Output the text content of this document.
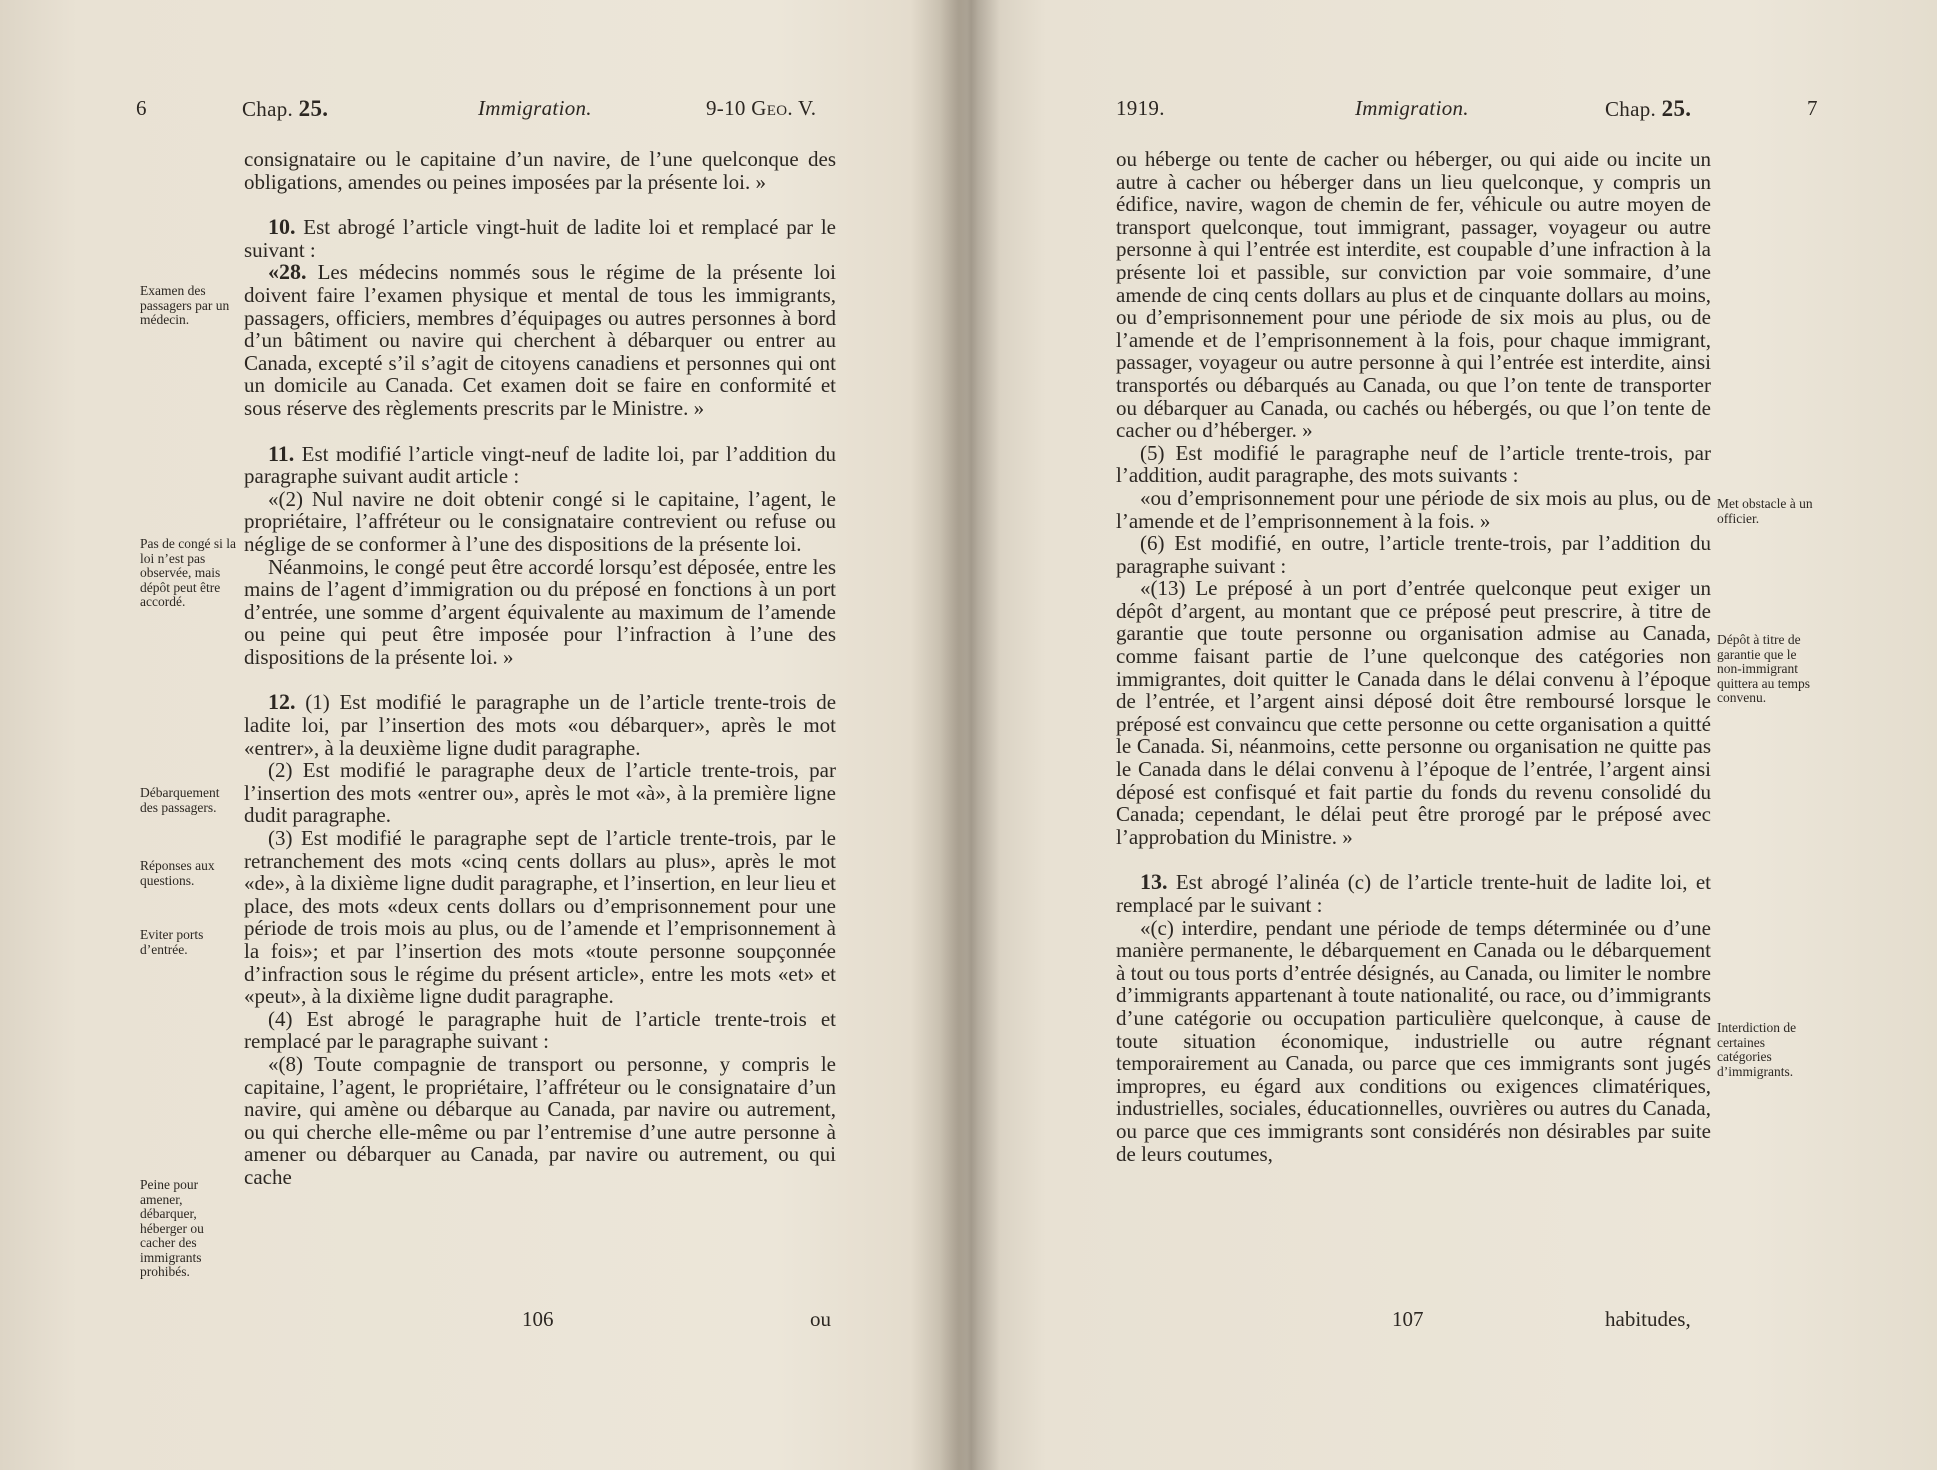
6	Chap. 25.	Immigration.	9-10 Geo. V.

consignataire ou le capitaine d’un navire, de l’une quelconque des obligations, amendes ou peines imposées par la présente loi. »

10. Est abrogé l’article vingt-huit de ladite loi et remplacé par le suivant :

«28. Les médecins nommés sous le régime de la présente loi doivent faire l’examen physique et mental de tous les immigrants, passagers, officiers, membres d’équipages ou autres personnes à bord d’un bâtiment ou navire qui cherchent à débarquer ou entrer au Canada, excepté s’il s’agit de citoyens canadiens et personnes qui ont un domicile au Canada. Cet examen doit se faire en conformité et sous réserve des règlements prescrits par le Ministre. »

11. Est modifié l’article vingt-neuf de ladite loi, par l’addition du paragraphe suivant audit article :

«(2) Nul navire ne doit obtenir congé si le capitaine, l’agent, le propriétaire, l’affréteur ou le consignataire contrevient ou refuse ou néglige de se conformer à l’une des dispositions de la présente loi.

Néanmoins, le congé peut être accordé lorsqu’est déposée, entre les mains de l’agent d’immigration ou du préposé en fonctions à un port d’entrée, une somme d’argent équivalente au maximum de l’amende ou peine qui peut être imposée pour l’infraction à l’une des dispositions de la présente loi. »

12. (1) Est modifié le paragraphe un de l’article trente-trois de ladite loi, par l’insertion des mots «ou débarquer», après le mot «entrer», à la deuxième ligne dudit paragraphe.

(2) Est modifié le paragraphe deux de l’article trente-trois, par l’insertion des mots «entrer ou», après le mot «à», à la première ligne dudit paragraphe.

(3) Est modifié le paragraphe sept de l’article trente-trois, par le retranchement des mots «cinq cents dollars au plus», après le mot «de», à la dixième ligne dudit paragraphe, et l’insertion, en leur lieu et place, des mots «deux cents dollars ou d’emprisonnement pour une période de trois mois au plus, ou de l’amende et l’emprisonnement à la fois»; et par l’insertion des mots «toute personne soupçonnée d’infraction sous le régime du présent article», entre les mots «et» et «peut», à la dixième ligne dudit paragraphe.

(4) Est abrogé le paragraphe huit de l’article trente-trois et remplacé par le paragraphe suivant :

«(8) Toute compagnie de transport ou personne, y compris le capitaine, l’agent, le propriétaire, l’affréteur ou le consignataire d’un navire, qui amène ou débarque au Canada, par navire ou autrement, ou qui cherche elle-même ou par l’entremise d’une autre personne à amener ou débarquer au Canada, par navire ou autrement, ou qui cache

Examen des passagers par un médecin.
Pas de congé si la loi n’est pas observée, mais dépôt peut être accordé.
Débarquement des passagers.
Réponses aux questions.
Eviter ports d’entrée.
Peine pour amener, débarquer, héberger ou cacher des immigrants prohibés.
106	ou
1919.	Immigration.	Chap. 25.	7

ou héberge ou tente de cacher ou héberger, ou qui aide ou incite un autre à cacher ou héberger dans un lieu quelconque, y compris un édifice, navire, wagon de chemin de fer, véhicule ou autre moyen de transport quelconque, tout immigrant, passager, voyageur ou autre personne à qui l’entrée est interdite, est coupable d’une infraction à la présente loi et passible, sur conviction par voie sommaire, d’une amende de cinq cents dollars au plus et de cinquante dollars au moins, ou d’emprisonnement pour une période de six mois au plus, ou de l’amende et de l’emprisonnement à la fois, pour chaque immigrant, passager, voyageur ou autre personne à qui l’entrée est interdite, ainsi transportés ou débarqués au Canada, ou que l’on tente de transporter ou débarquer au Canada, ou cachés ou hébergés, ou que l’on tente de cacher ou d’héberger. »

(5) Est modifié le paragraphe neuf de l’article trente-trois, par l’addition, audit paragraphe, des mots suivants :

«ou d’emprisonnement pour une période de six mois au plus, ou de l’amende et de l’emprisonnement à la fois. »

(6) Est modifié, en outre, l’article trente-trois, par l’addition du paragraphe suivant :

«(13) Le préposé à un port d’entrée quelconque peut exiger un dépôt d’argent, au montant que ce préposé peut prescrire, à titre de garantie que toute personne ou organisation admise au Canada, comme faisant partie de l’une quelconque des catégories non immigrantes, doit quitter le Canada dans le délai convenu à l’époque de l’entrée, et l’argent ainsi déposé doit être remboursé lorsque le préposé est convaincu que cette personne ou cette organisation a quitté le Canada. Si, néanmoins, cette personne ou organisation ne quitte pas le Canada dans le délai convenu à l’époque de l’entrée, l’argent ainsi déposé est confisqué et fait partie du fonds du revenu consolidé du Canada; cependant, le délai peut être prorogé par le préposé avec l’approbation du Ministre. »

13. Est abrogé l’alinéa (c) de l’article trente-huit de ladite loi, et remplacé par le suivant :

«(c) interdire, pendant une période de temps déterminée ou d’une manière permanente, le débarquement en Canada ou le débarquement à tout ou tous ports d’entrée désignés, au Canada, ou limiter le nombre d’immigrants appartenant à toute nationalité, ou race, ou d’immigrants d’une catégorie ou occupation particulière quelconque, à cause de toute situation économique, industrielle ou autre régnant temporairement au Canada, ou parce que ces immigrants sont jugés impropres, eu égard aux conditions ou exigences climatériques, industrielles, sociales, éducationnelles, ouvrières ou autres du Canada, ou parce que ces immigrants sont considérés non désirables par suite de leurs coutumes,

Met obstacle à un officier.
Dépôt à titre de garantie que le non-immigrant quittera au temps convenu.
Interdiction de certaines catégories d’immigrants.
107	habitudes,
